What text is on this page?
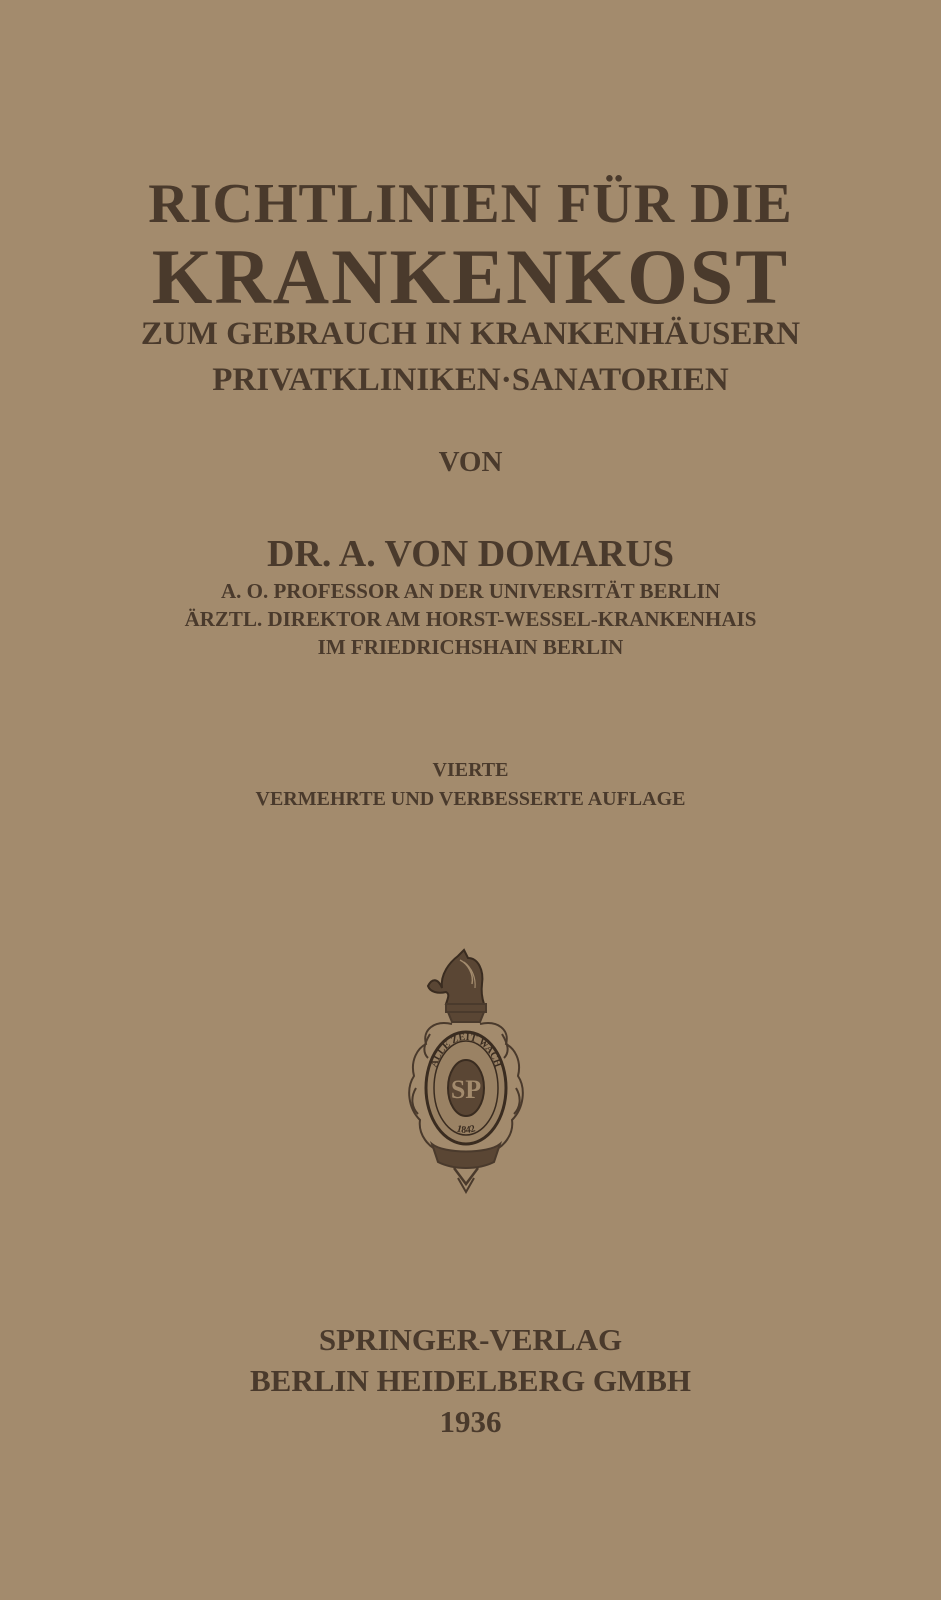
RICHTLINIEN FÜR DIE
KRANKENKOST
ZUM GEBRAUCH IN KRANKENHÄUSERN
PRIVATKLINIKEN·SANATORIEN
VON
DR. A. VON DOMARUS
A. O. PROFESSOR AN DER UNIVERSITÄT BERLIN
ÄRZTL. DIREKTOR AM HORST-WESSEL-KRANKENHAIS
IM FRIEDRICHSHAIN BERLIN
VIERTE
VERMEHRTE UND VERBESSERTE AUFLAGE
SP
ALLE ZEIT WACH
1842
SPRINGER-VERLAG
BERLIN HEIDELBERG GMBH
1936
